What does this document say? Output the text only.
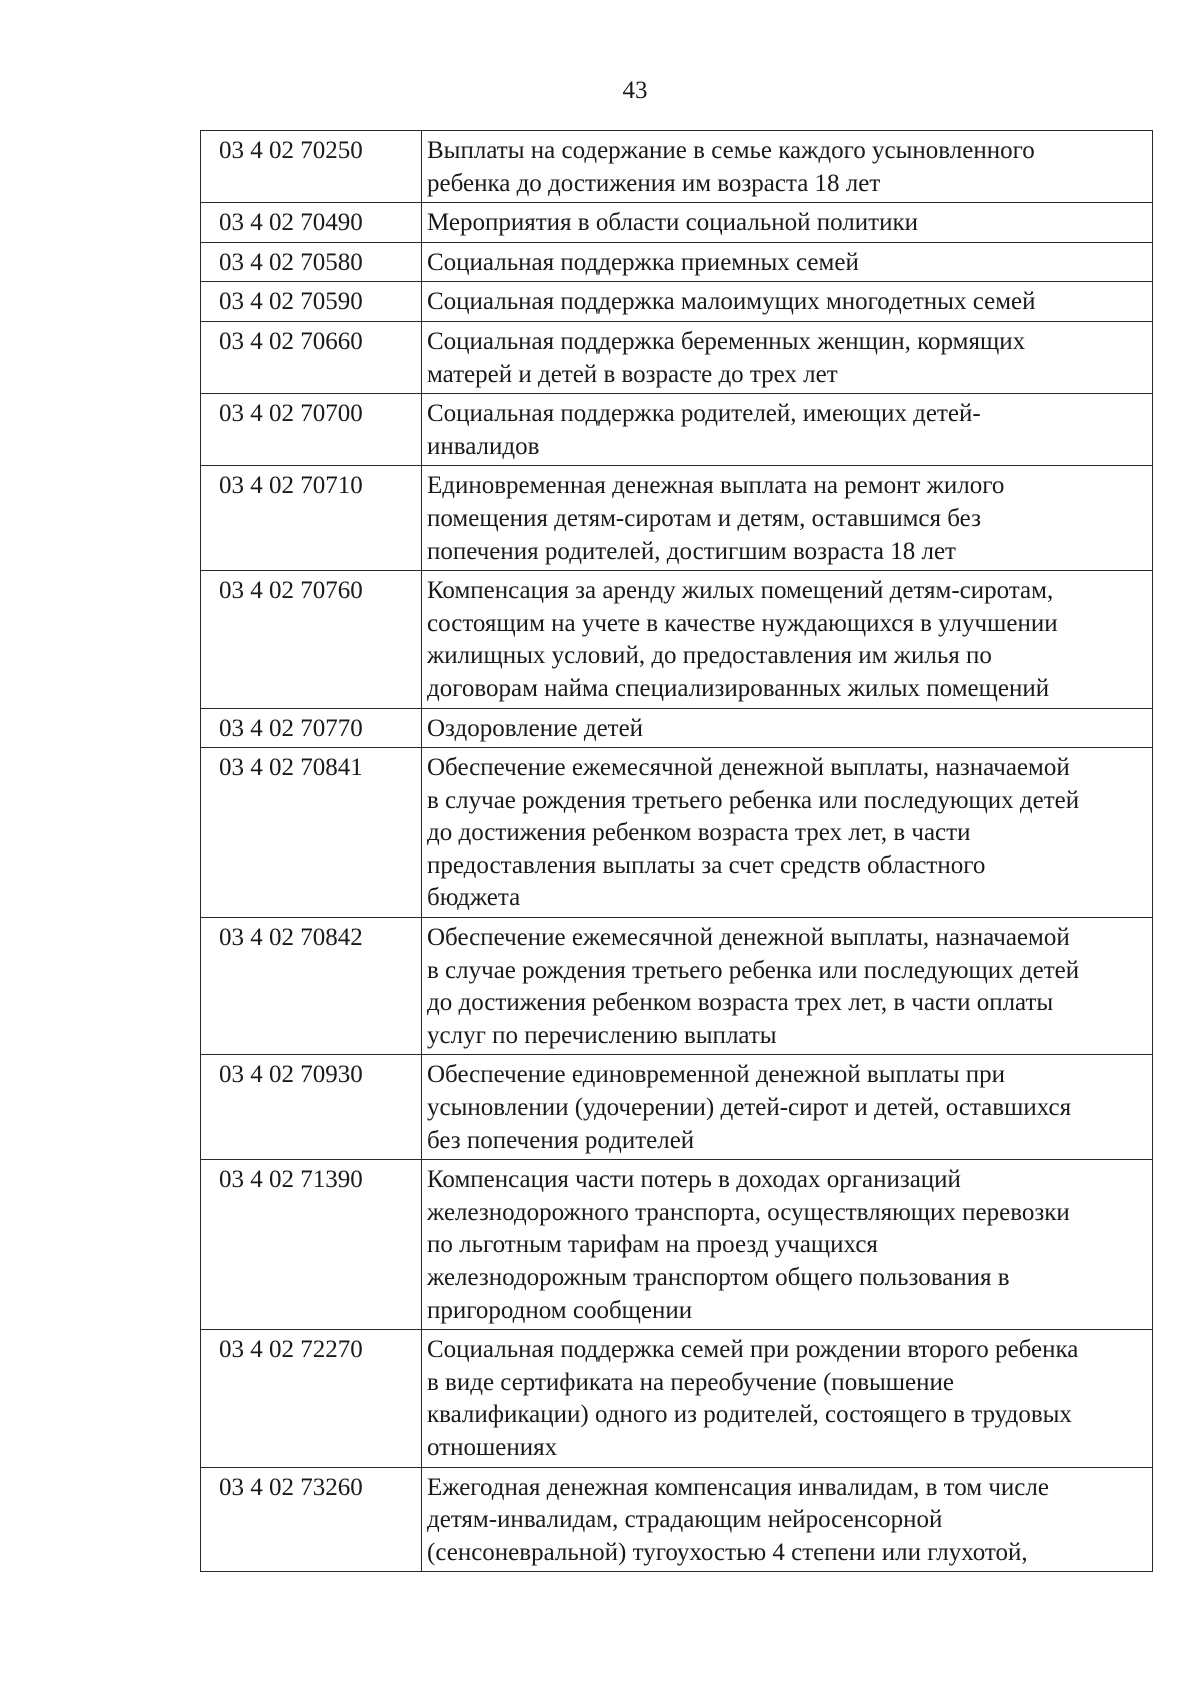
43
03 4 02 70250	Выплаты на содержание в семье каждого усыновленного
ребенка до достижения им возраста 18 лет

03 4 02 70490	Мероприятия в области социальной политики

03 4 02 70580	Социальная поддержка приемных семей

03 4 02 70590	Социальная поддержка малоимущих многодетных семей

03 4 02 70660	Социальная поддержка беременных женщин, кормящих
матерей и детей в возрасте до трех лет

03 4 02 70700	Социальная поддержка родителей, имеющих детей-
инвалидов

03 4 02 70710	Единовременная денежная выплата на ремонт жилого
помещения детям-сиротам и детям, оставшимся без
попечения родителей, достигшим возраста 18 лет

03 4 02 70760	Компенсация за аренду жилых помещений детям-сиротам,
состоящим на учете в качестве нуждающихся в улучшении
жилищных условий, до предоставления им жилья по
договорам найма специализированных жилых помещений

03 4 02 70770	Оздоровление детей

03 4 02 70841	Обеспечение ежемесячной денежной выплаты, назначаемой
в случае рождения третьего ребенка или последующих детей
до достижения ребенком возраста трех лет, в части
предоставления выплаты за счет средств областного
бюджета

03 4 02 70842	Обеспечение ежемесячной денежной выплаты, назначаемой
в случае рождения третьего ребенка или последующих детей
до достижения ребенком возраста трех лет, в части оплаты
услуг по перечислению выплаты

03 4 02 70930	Обеспечение единовременной денежной выплаты при
усыновлении (удочерении) детей-сирот и детей, оставшихся
без попечения родителей

03 4 02 71390	Компенсация части потерь в доходах организаций
железнодорожного транспорта, осуществляющих перевозки
по льготным тарифам на проезд учащихся
железнодорожным транспортом общего пользования в
пригородном сообщении

03 4 02 72270	Социальная поддержка семей при рождении второго ребенка
в виде сертификата на переобучение (повышение
квалификации) одного из родителей, состоящего в трудовых
отношениях

03 4 02 73260	Ежегодная денежная компенсация инвалидам, в том числе
детям-инвалидам, страдающим нейросенсорной
(сенсоневральной) тугоухостью 4 степени или глухотой,
